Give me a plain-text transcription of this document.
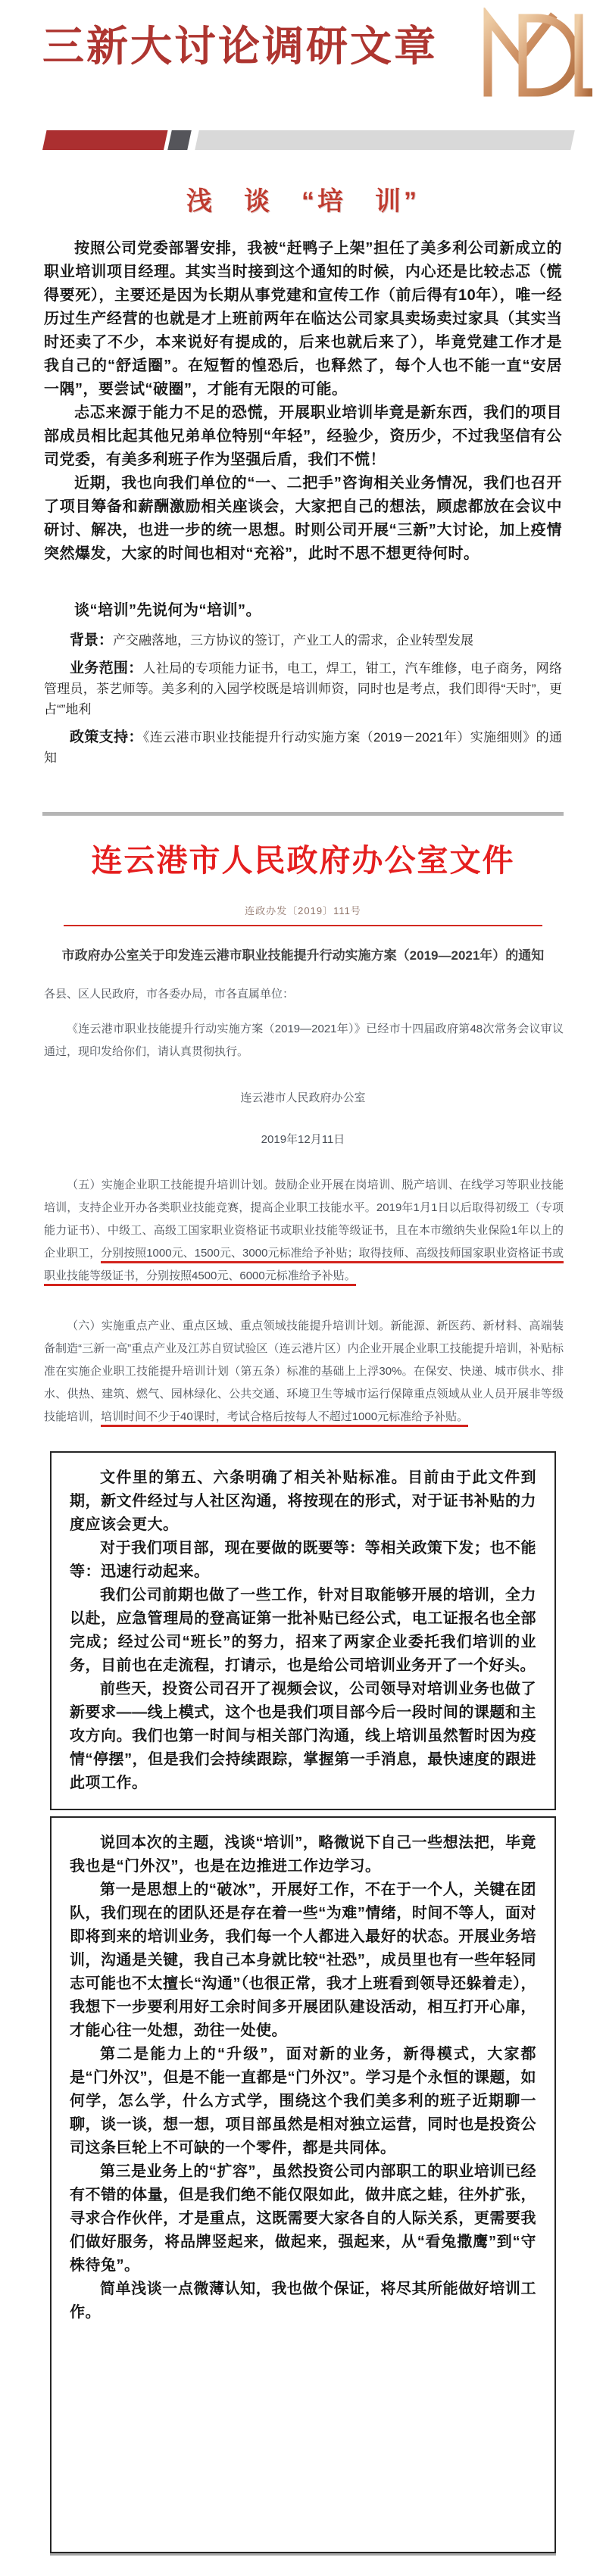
三新大讨论调研文章
浅　谈　“培　训”

按照公司党委部署安排，我被“赶鸭子上架”担任了美多利公司新成立的职业培训项目经理。其实当时接到这个通知的时候，内心还是比较忐忑（慌得要死），主要还是因为长期从事党建和宣传工作（前后得有10年），唯一经历过生产经营的也就是才上班前两年在临达公司家具卖场卖过家具（其实当时还卖了不少，本来说好有提成的，后来也就后来了），毕竟党建工作才是我自己的“舒适圈”。在短暂的惶恐后，也释然了，每个人也不能一直“安居一隅”，要尝试“破圈”，才能有无限的可能。

忐忑来源于能力不足的恐慌，开展职业培训毕竟是新东西，我们的项目部成员相比起其他兄弟单位特别“年轻”，经验少，资历少，不过我坚信有公司党委，有美多利班子作为坚强后盾，我们不慌！

近期，我也向我们单位的“一、二把手”咨询相关业务情况，我们也召开了项目筹备和薪酬激励相关座谈会，大家把自己的想法，顾虑都放在会议中研讨、解决，也进一步的统一思想。时则公司开展“三新”大讨论，加上疫情突然爆发，大家的时间也相对“充裕”，此时不思不想更待何时。

谈“培训”先说何为“培训”。

背景：产交融落地，三方协议的签订，产业工人的需求，企业转型发展
业务范围：人社局的专项能力证书，电工，焊工，钳工，汽车维修，电子商务，网络管理员，茶艺师等。美多利的入园学校既是培训师资，同时也是考点，我们即得“天时”，更占“”地利
政策支持：《连云港市职业技能提升行动实施方案（2019－2021年）实施细则》的通知
连云港市人民政府办公室文件
连政办发〔2019〕111号
市政府办公室关于印发连云港市职业技能提升行动实施方案（2019—2021年）的通知

各县、区人民政府，市各委办局，市各直属单位：

《连云港市职业技能提升行动实施方案（2019—2021年）》已经市十四届政府第48次常务会议审议通过，现印发给你们，请认真贯彻执行。

连云港市人民政府办公室

2019年12月11日

（五）实施企业职工技能提升培训计划。鼓励企业开展在岗培训、脱产培训、在线学习等职业技能培训，支持企业开办各类职业技能竞赛，提高企业职工技能水平。2019年1月1日以后取得初级工（专项能力证书）、中级工、高级工国家职业资格证书或职业技能等级证书，且在本市缴纳失业保险1年以上的企业职工，分别按照1000元、1500元、3000元标准给予补贴；取得技师、高级技师国家职业资格证书或职业技能等级证书，分别按照4500元、6000元标准给予补贴。

（六）实施重点产业、重点区域、重点领域技能提升培训计划。新能源、新医药、新材料、高端装备制造“三新一高”重点产业及江苏自贸试验区（连云港片区）内企业开展企业职工技能提升培训，补贴标准在实施企业职工技能提升培训计划（第五条）标准的基础上上浮30%。在保安、快递、城市供水、排水、供热、建筑、燃气、园林绿化、公共交通、环境卫生等城市运行保障重点领域从业人员开展非等级技能培训，培训时间不少于40课时，考试合格后按每人不超过1000元标准给予补贴。

文件里的第五、六条明确了相关补贴标准。目前由于此文件到期，新文件经过与人社区沟通，将按现在的形式，对于证书补贴的力度应该会更大。

对于我们项目部，现在要做的既要等：等相关政策下发；也不能等：迅速行动起来。

我们公司前期也做了一些工作，针对目取能够开展的培训，全力以赴，应急管理局的登高证第一批补贴已经公式，电工证报名也全部完成；经过公司“班长”的努力，招来了两家企业委托我们培训的业务，目前也在走流程，打请示，也是给公司培训业务开了一个好头。

前些天，投资公司召开了视频会议，公司领导对培训业务也做了新要求——线上模式，这个也是我们项目部今后一段时间的课题和主攻方向。我们也第一时间与相关部门沟通，线上培训虽然暂时因为疫情“停摆”，但是我们会持续跟踪，掌握第一手消息，最快速度的跟进此项工作。

说回本次的主题，浅谈“培训”，略微说下自己一些想法把，毕竟我也是“门外汉”，也是在边推进工作边学习。

第一是思想上的“破冰”，开展好工作，不在于一个人，关键在团队，我们现在的团队还是存在着一些“为难”情绪，时间不等人，面对即将到来的培训业务，我们每一个人都进入最好的状态。开展业务培训，沟通是关键，我自己本身就比较“社恐”，成员里也有一些年轻同志可能也不太擅长“沟通”（也很正常，我才上班看到领导还躲着走），我想下一步要利用好工余时间多开展团队建设活动，相互打开心扉，才能心往一处想，劲往一处使。

第二是能力上的“升级”，面对新的业务，新得模式，大家都是“门外汉”，但是不能一直都是“门外汉”。学习是个永恒的课题，如何学，怎么学，什么方式学，围绕这个我们美多利的班子近期聊一聊，谈一谈，想一想，项目部虽然是相对独立运营，同时也是投资公司这条巨轮上不可缺的一个零件，都是共同体。

第三是业务上的“扩容”，虽然投资公司内部职工的职业培训已经有不错的体量，但是我们绝不能仅限如此，做井底之蛙，往外扩张，寻求合作伙伴，才是重点，这既需要大家各自的人际关系，更需要我们做好服务，将品牌竖起来，做起来，强起来，从“看兔撒鹰”到“守株待兔”。

简单浅谈一点微薄认知，我也做个保证，将尽其所能做好培训工作。
